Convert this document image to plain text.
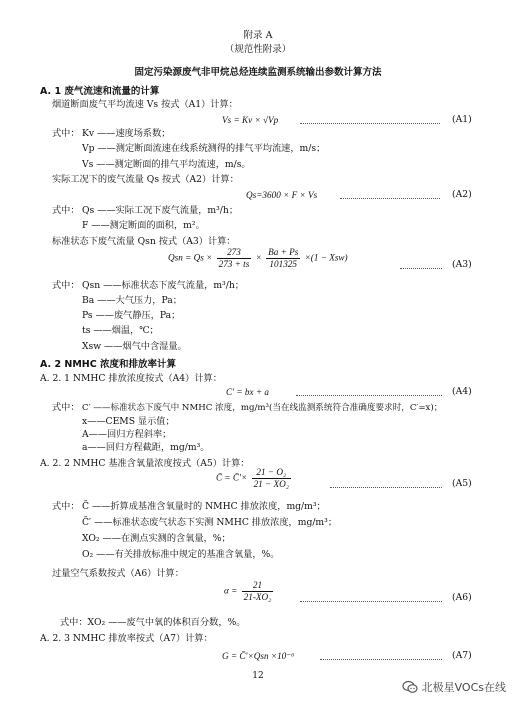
附录 A
（规范性附录）
固定污染源废气非甲烷总烃连续监测系统输出参数计算方法
A. 1 废气流速和流量的计算
烟道断面废气平均流速 Vs 按式（A1）计算：
Vs = Kv × √Vp	(A1)
式中： Kv ——速度场系数；
Vp ——测定断面流速在线系统测得的排气平均流速，m/s；
Vs ——测定断面的排气平均流速，m/s。
实际工况下的废气流量 Qs 按式（A2）计算：
Qs=3600 × F × Vs	(A2)
式中： Qs ——实际工况下废气流量，m³/h；
F ——测定断面的面积，m²。
标准状态下废气流量 Qsn 按式（A3）计算：
Qsn = $Qs \times \frac{273}{273 + ts} \times \frac{Ba + Ps}{101325} \times(1 - Xsw)$
(A3)
式中： Qsn ——标准状态下废气流量，m³/h；
Ba ——大气压力，Pa；
Ps ——废气静压，Pa；
ts ——烟温，℃；
Xsw ——烟气中含湿量。
A. 2 NMHC 浓度和排放率计算
A. 2. 1 NMHC 排放浓度按式（A4）计算：
C′ = bx + a	(A4)
式中： C′ ——标准状态下废气中 NMHC 浓度，mg/m³(当在线监测系统符合准确度要求时，C′=x)；
x——CEMS 显示值；
A——回归方程斜率；
a——回归方程截距，mg/m³。
A. 2. 2 NMHC 基准含氧量浓度按式（A5）计算：
C̄ = C̄′× $\frac{\text{21 − O₂}}{\text{21 − XO₂}}$	(A5)
式中： C̄ ——折算成基准含氧量时的 NMHC 排放浓度，mg/m³；
C̄′ ——标准状态废气状态下实测 NMHC 排放浓度，mg/m³；
XO₂ ——在测点实测的含氧量，%；
O₂ ——有关排放标准中规定的基准含氧量，%。
过量空气系数按式（A6）计算：
$\alpha = \frac{21}{\text{21-XO₂}}$	(A6)
式中：XO₂ ——废气中氧的体积百分数，%。
A. 2. 3 NMHC 排放率按式（A7）计算：
G = C̄′×Qsn ×10⁻⁶	(A7)
12
北极星VOCs在线
